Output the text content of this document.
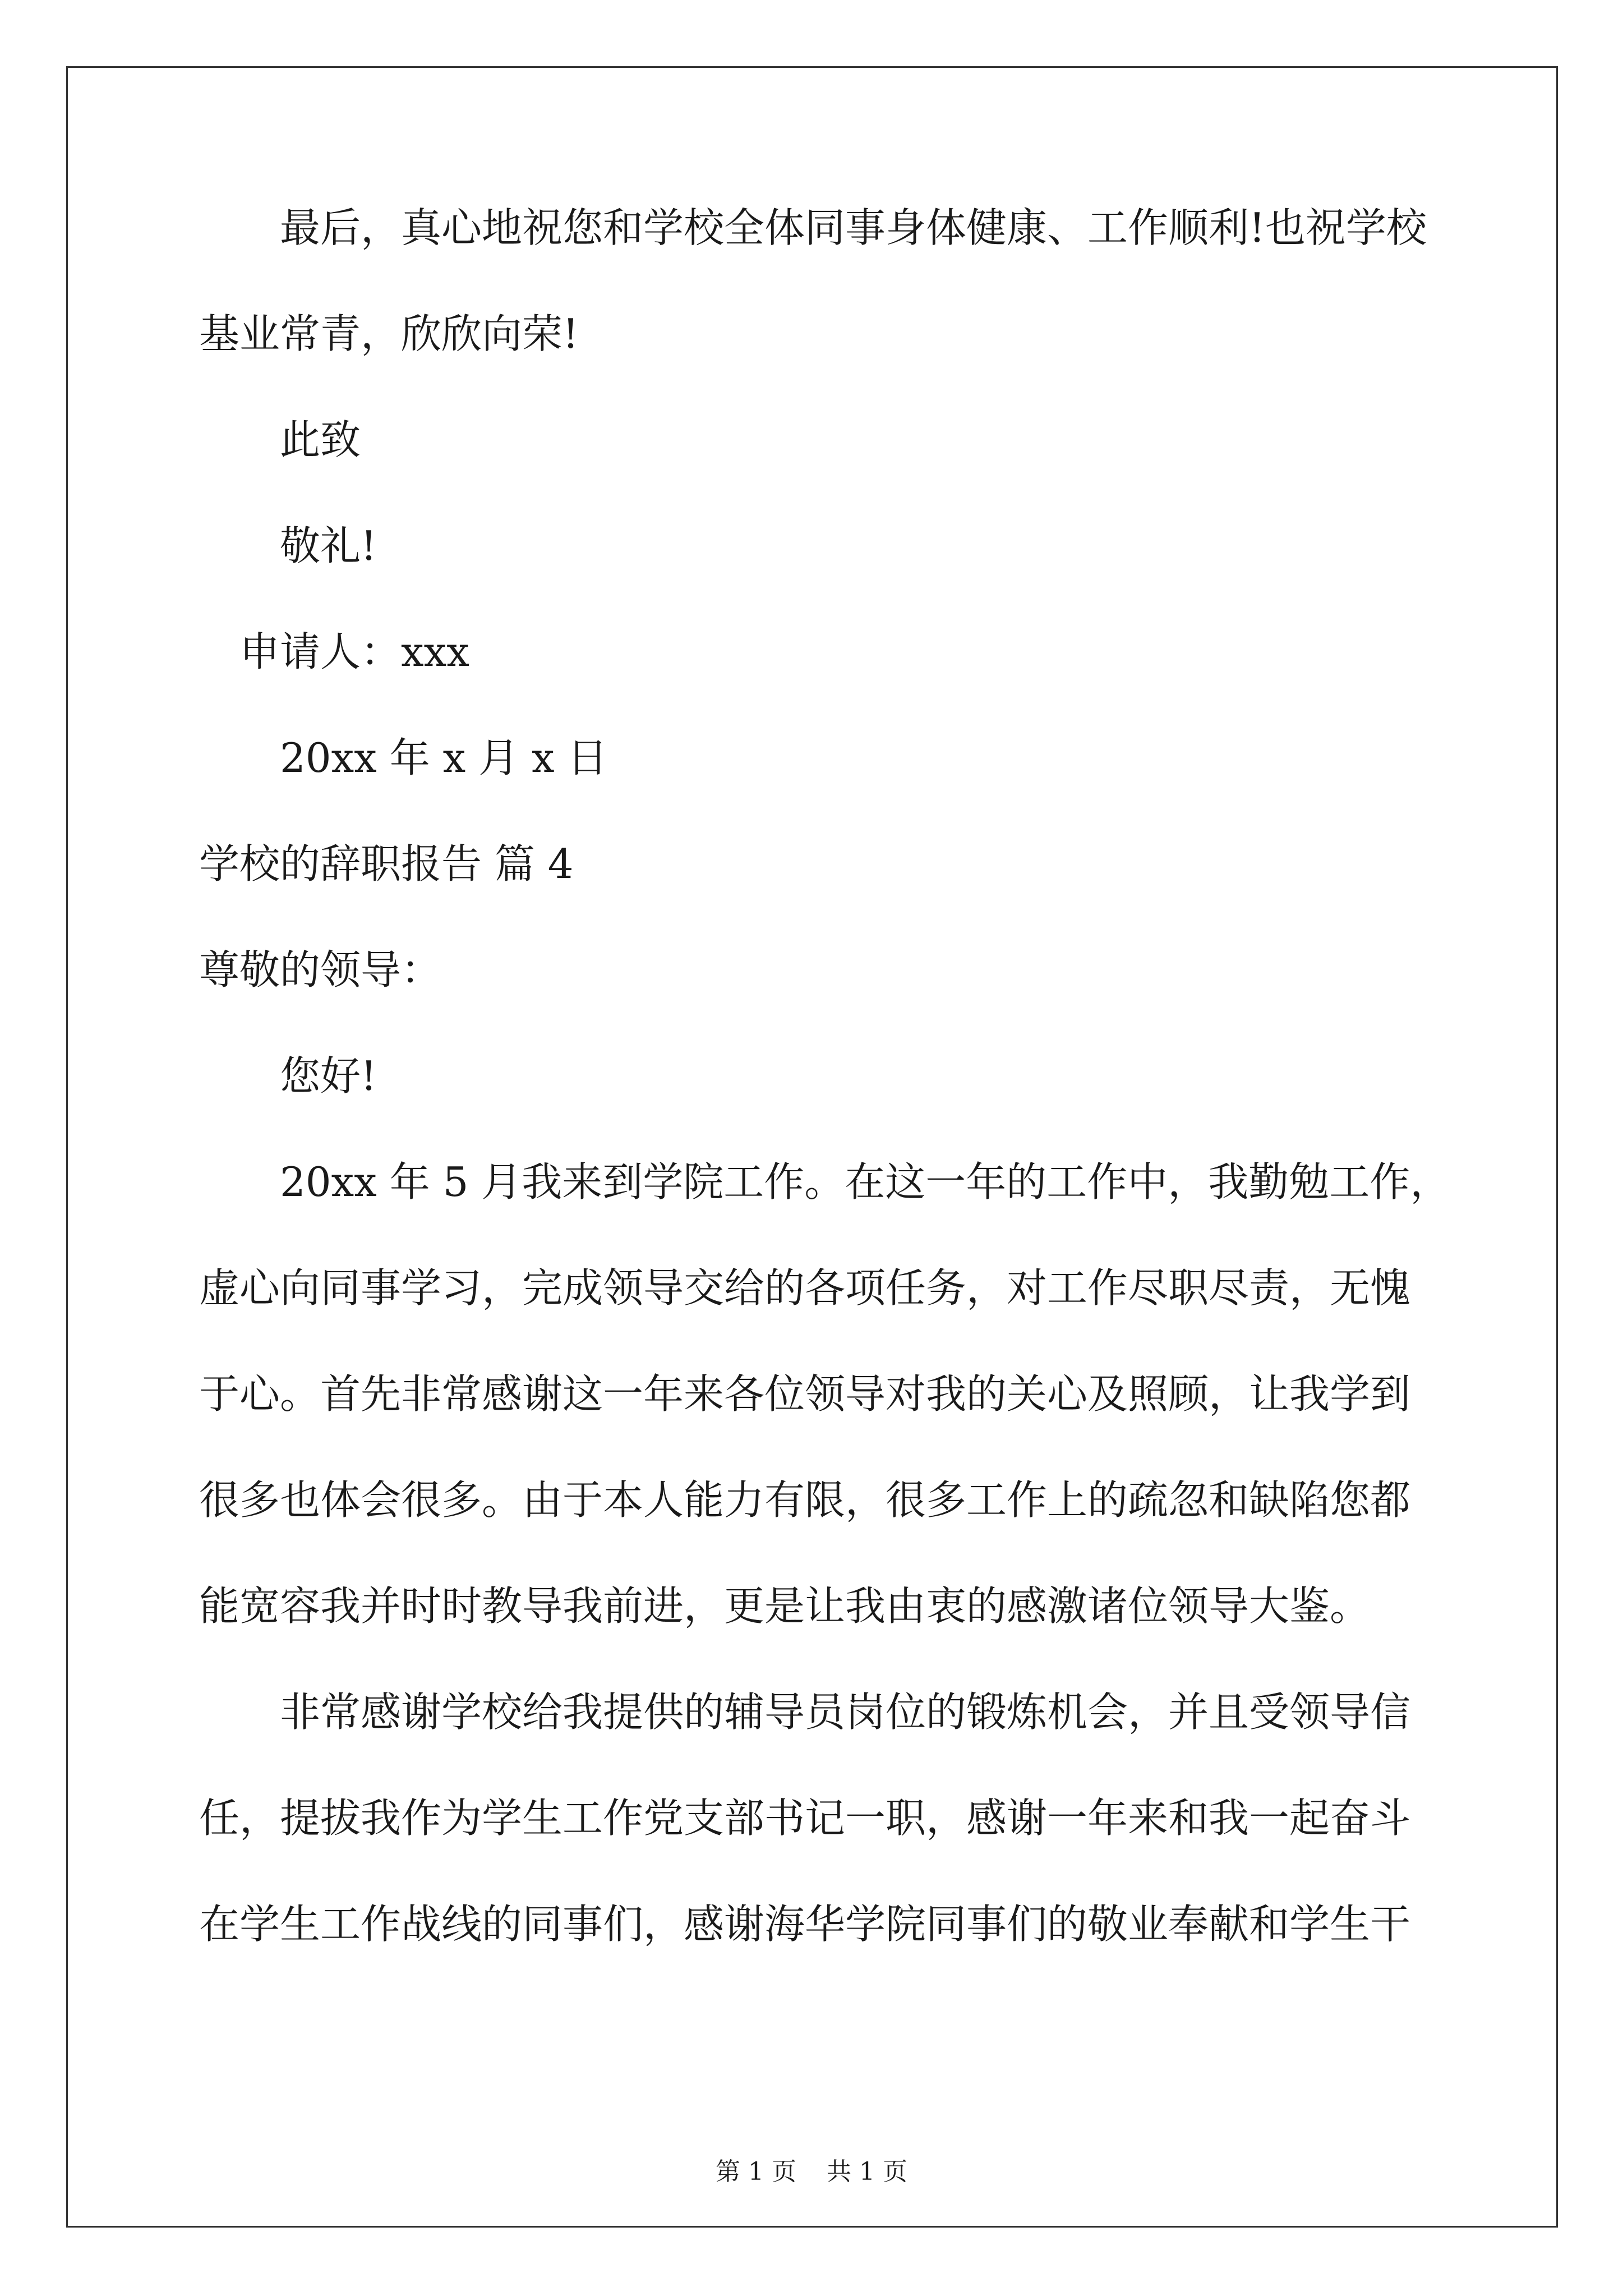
最后，真心地祝您和学校全体同事身体健康、工作顺利!也祝学校
基业常青，欣欣向荣!
此致
敬礼!
申请人：xxx
20xx 年 x 月 x 日
学校的辞职报告 篇 4
尊敬的领导：
您好!
20xx 年 5 月我来到学院工作。在这一年的工作中，我勤勉工作，
虚心向同事学习，完成领导交给的各项任务，对工作尽职尽责，无愧
于心。首先非常感谢这一年来各位领导对我的关心及照顾，让我学到
很多也体会很多。由于本人能力有限，很多工作上的疏忽和缺陷您都
能宽容我并时时教导我前进，更是让我由衷的感激诸位领导大鉴。
非常感谢学校给我提供的辅导员岗位的锻炼机会，并且受领导信
任，提拔我作为学生工作党支部书记一职，感谢一年来和我一起奋斗
在学生工作战线的同事们，感谢海华学院同事们的敬业奉献和学生干
第 1 页 共 1 页
